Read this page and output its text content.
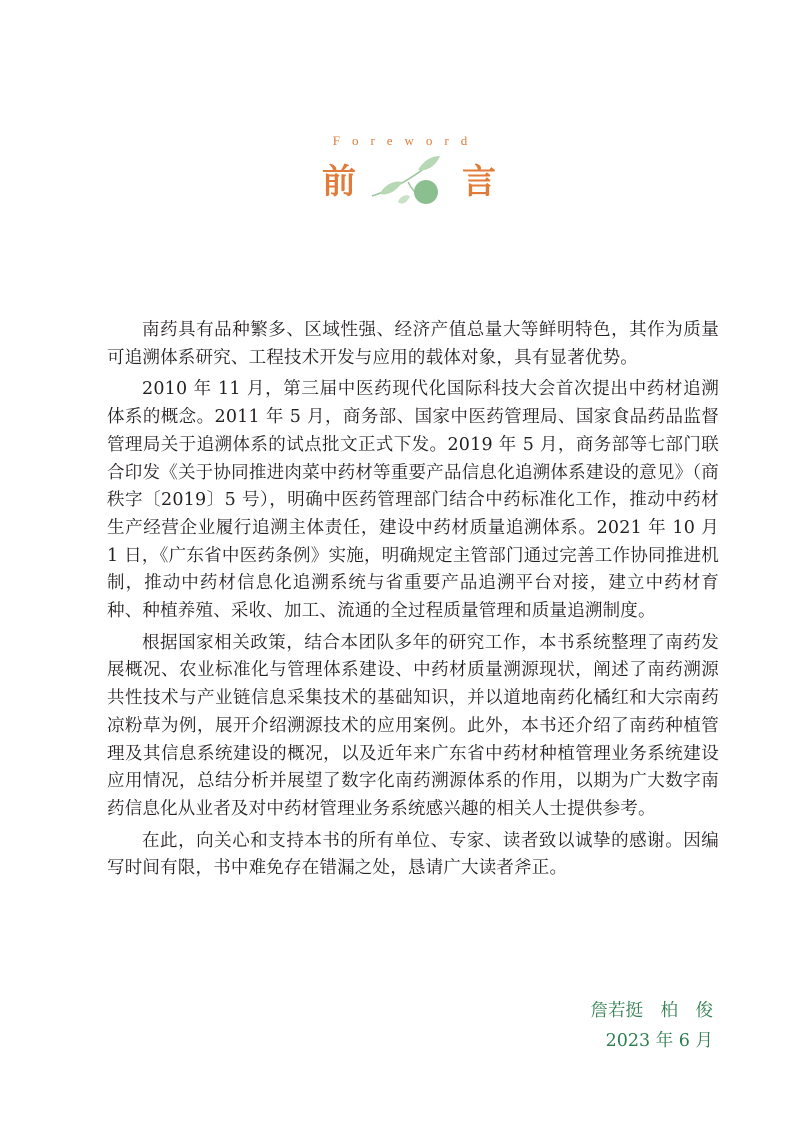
Foreword
前	言

南药具有品种繁多、区域性强、经济产值总量大等鲜明特色，其作为质量可追溯体系研究、工程技术开发与应用的载体对象，具有显著优势。

2010 年 11 月，第三届中医药现代化国际科技大会首次提出中药材追溯体系的概念。2011 年 5 月，商务部、国家中医药管理局、国家食品药品监督管理局关于追溯体系的试点批文正式下发。2019 年 5 月，商务部等七部门联合印发《关于协同推进肉菜中药材等重要产品信息化追溯体系建设的意见》（商秩字〔2019〕5 号），明确中医药管理部门结合中药标准化工作，推动中药材生产经营企业履行追溯主体责任，建设中药材质量追溯体系。2021 年 10 月 1 日，《广东省中医药条例》实施，明确规定主管部门通过完善工作协同推进机制，推动中药材信息化追溯系统与省重要产品追溯平台对接，建立中药材育种、种植养殖、采收、加工、流通的全过程质量管理和质量追溯制度。

根据国家相关政策，结合本团队多年的研究工作，本书系统整理了南药发展概况、农业标准化与管理体系建设、中药材质量溯源现状，阐述了南药溯源共性技术与产业链信息采集技术的基础知识，并以道地南药化橘红和大宗南药凉粉草为例，展开介绍溯源技术的应用案例。此外，本书还介绍了南药种植管理及其信息系统建设的概况，以及近年来广东省中药材种植管理业务系统建设应用情况，总结分析并展望了数字化南药溯源体系的作用，以期为广大数字南药信息化从业者及对中药材管理业务系统感兴趣的相关人士提供参考。

在此，向关心和支持本书的所有单位、专家、读者致以诚挚的感谢。因编写时间有限，书中难免存在错漏之处，恳请广大读者斧正。

詹若挺　柏　俊
2023 年 6 月
